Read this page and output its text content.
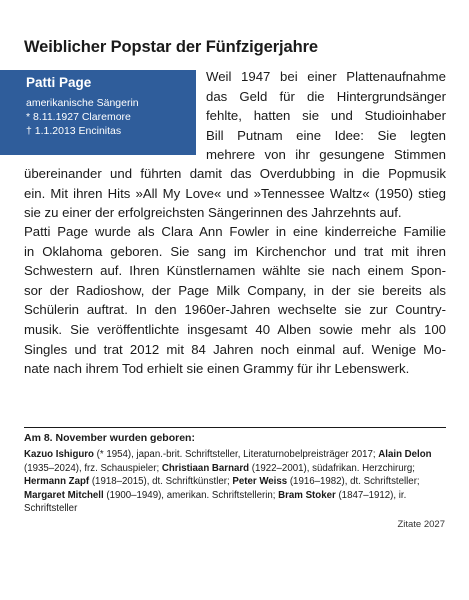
Weiblicher Popstar der Fünfzigerjahre
Patti Page
amerikanische Sängerin
* 8.11.1927 Claremore
† 1.1.2013 Encinitas
Weil 1947 bei einer Plattenaufnahme
das Geld für die Hintergrundsänger
fehlte, hatten sie und Studioinhaber
Bill Putnam eine Idee: Sie legten
mehrere von ihr gesungene Stimmen
übereinander und führten damit das Overdubbing in die Popmusik
ein. Mit ihren Hits »All My Love« und »Tennessee Waltz« (1950) stieg
sie zu einer der erfolgreichsten Sängerinnen des Jahrzehnts auf.
Patti Page wurde als Clara Ann Fowler in eine kinderreiche Familie
in Oklahoma geboren. Sie sang im Kirchenchor und trat mit ihren
Schwestern auf. Ihren Künstlernamen wählte sie nach einem Spon-
sor der Radioshow, der Page Milk Company, in der sie bereits als
Schülerin auftrat. In den 1960er-Jahren wechselte sie zur Country-
musik. Sie veröffentlichte insgesamt 40 Alben sowie mehr als 100
Singles und trat 2012 mit 84 Jahren noch einmal auf. Wenige Mo-
nate nach ihrem Tod erhielt sie einen Grammy für ihr Lebenswerk.
Am 8. November wurden geboren:
Kazuo Ishiguro (* 1954), japan.-brit. Schriftsteller, Literaturnobelpreisträger 2017; Alain Delon (1935–2024), frz. Schauspieler; Christiaan Barnard (1922–2001), südafrikan. Herzchirurg; Hermann Zapf (1918–2015), dt. Schriftkünstler; Peter Weiss (1916–1982), dt. Schriftsteller; Margaret Mitchell (1900–1949), amerikan. Schriftstellerin; Bram Stoker (1847–1912), ir. Schriftsteller
Zitate 2027
